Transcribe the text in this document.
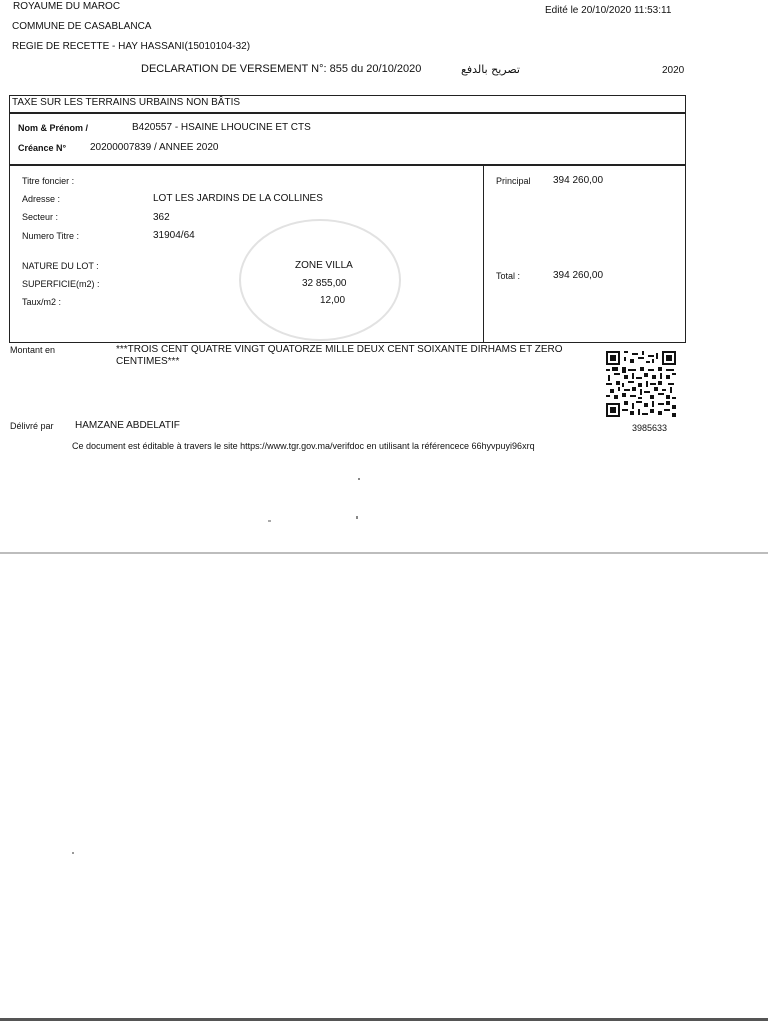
ROYAUME DU MAROC
COMMUNE DE CASABLANCA
REGIE DE RECETTE - HAY HASSANI(15010104-32)
Edité le 20/10/2020 11:53:11
DECLARATION DE VERSEMENT N°: 855 du 20/10/2020	تصريح بالدفع	2020
TAXE SUR LES TERRAINS URBAINS NON BÂTIS
Nom & Prénom /	B420557 - HSAINE LHOUCINE ET CTS
Créance N° 20200007839 / ANNEE 2020
Titre foncier :
Adresse :	LOT LES JARDINS DE LA COLLINES
Secteur :	362
Numero Titre :	31904/64
NATURE DU LOT :	ZONE VILLA
SUPERFICIE(m2) :	32 855,00
Taux/m2 :	12,00
Principal 394 260,00
Total :	394 260,00
Montant en	***TROIS CENT QUATRE VINGT QUATORZE MILLE DEUX CENT SOIXANTE DIRHAMS ET ZERO
CENTIMES***
Délivré par HAMZANE ABDELATIF	3985633
Ce document est éditable à travers le site https://www.tgr.gov.ma/verifdoc en utilisant la référencece 66hyvpuyi96xrq
